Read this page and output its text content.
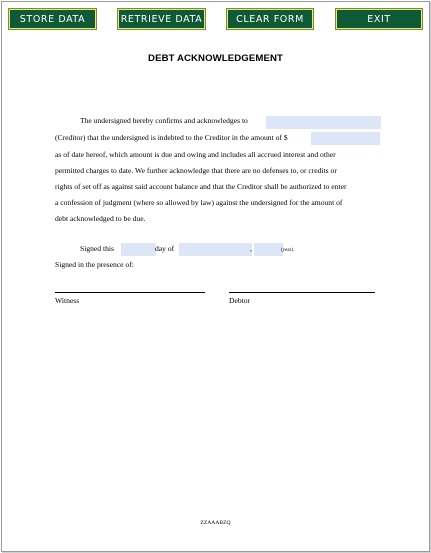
STORE DATA	RETRIEVE DATA	CLEAR FORM	EXIT
DEBT ACKNOWLEDGEMENT
The undersigned hereby confirms and acknowledges to
(Creditor) that the undersigned is indebted to the Creditor in the amount of $
as of date hereof, which amount is due and owing and includes all accrued interest and other
permitted charges to date. We further acknowledge that there are no defenses to, or credits or
rights of set off as against said account balance and that the Creditor shall be authorized to enter
a confession of judgment (where so allowed by law) against the undersigned for the amount of
debt acknowledged to be due.
Signed this	day of	,	(year).
Signed in the presence of:
Witness	Debtor
ZZAAABZQ
